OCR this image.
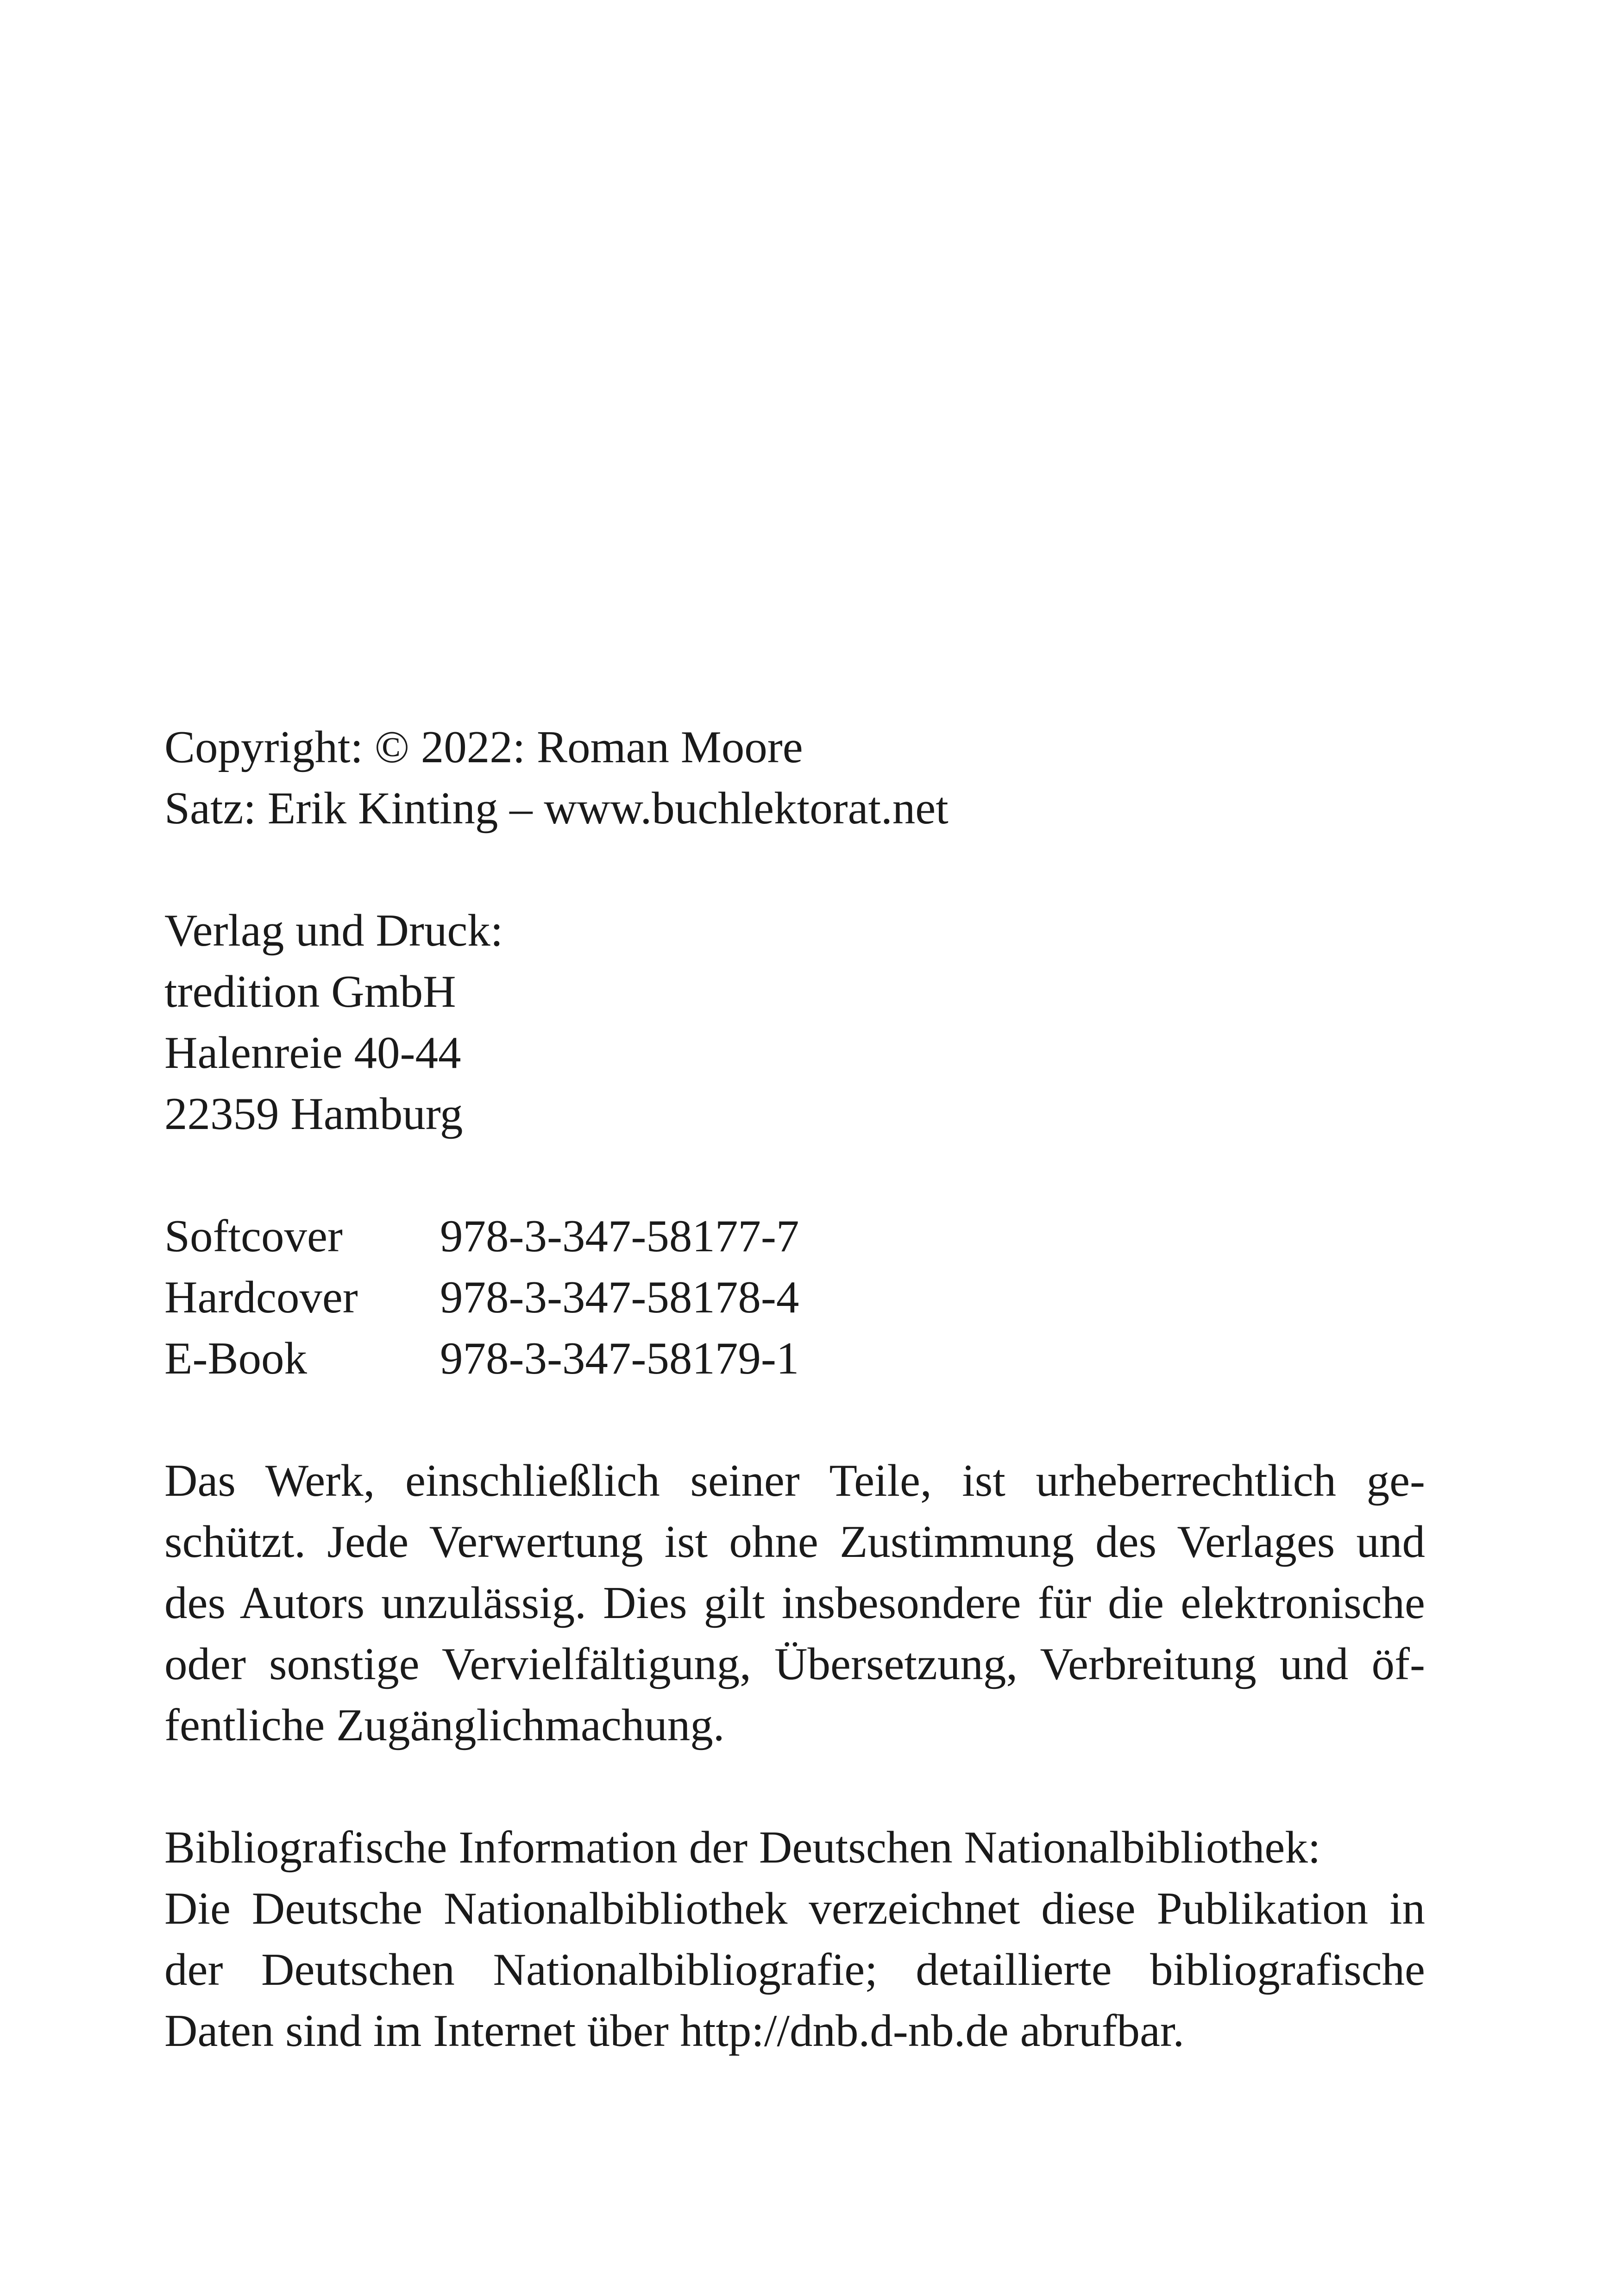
Copyright: © 2022: Roman Moore
Satz: Erik Kinting – www.buchlektorat.net
Verlag und Druck:
tredition GmbH
Halenreie 40-44
22359 Hamburg
Softcover	978-3-347-58177-7
Hardcover	978-3-347-58178-4
E-Book	978-3-347-58179-1
Das Werk, einschließlich seiner Teile, ist urheberrechtlich ge-
schützt. Jede Verwertung ist ohne Zustimmung des Verlages und
des Autors unzulässig. Dies gilt insbesondere für die elektronische
oder sonstige Vervielfältigung, Übersetzung, Verbreitung und öf-
fentliche Zugänglichmachung.
Bibliografische Information der Deutschen Nationalbibliothek:
Die Deutsche Nationalbibliothek verzeichnet diese Publikation in
der Deutschen Nationalbibliografie; detaillierte bibliografische
Daten sind im Internet über http://dnb.d-nb.de abrufbar.
